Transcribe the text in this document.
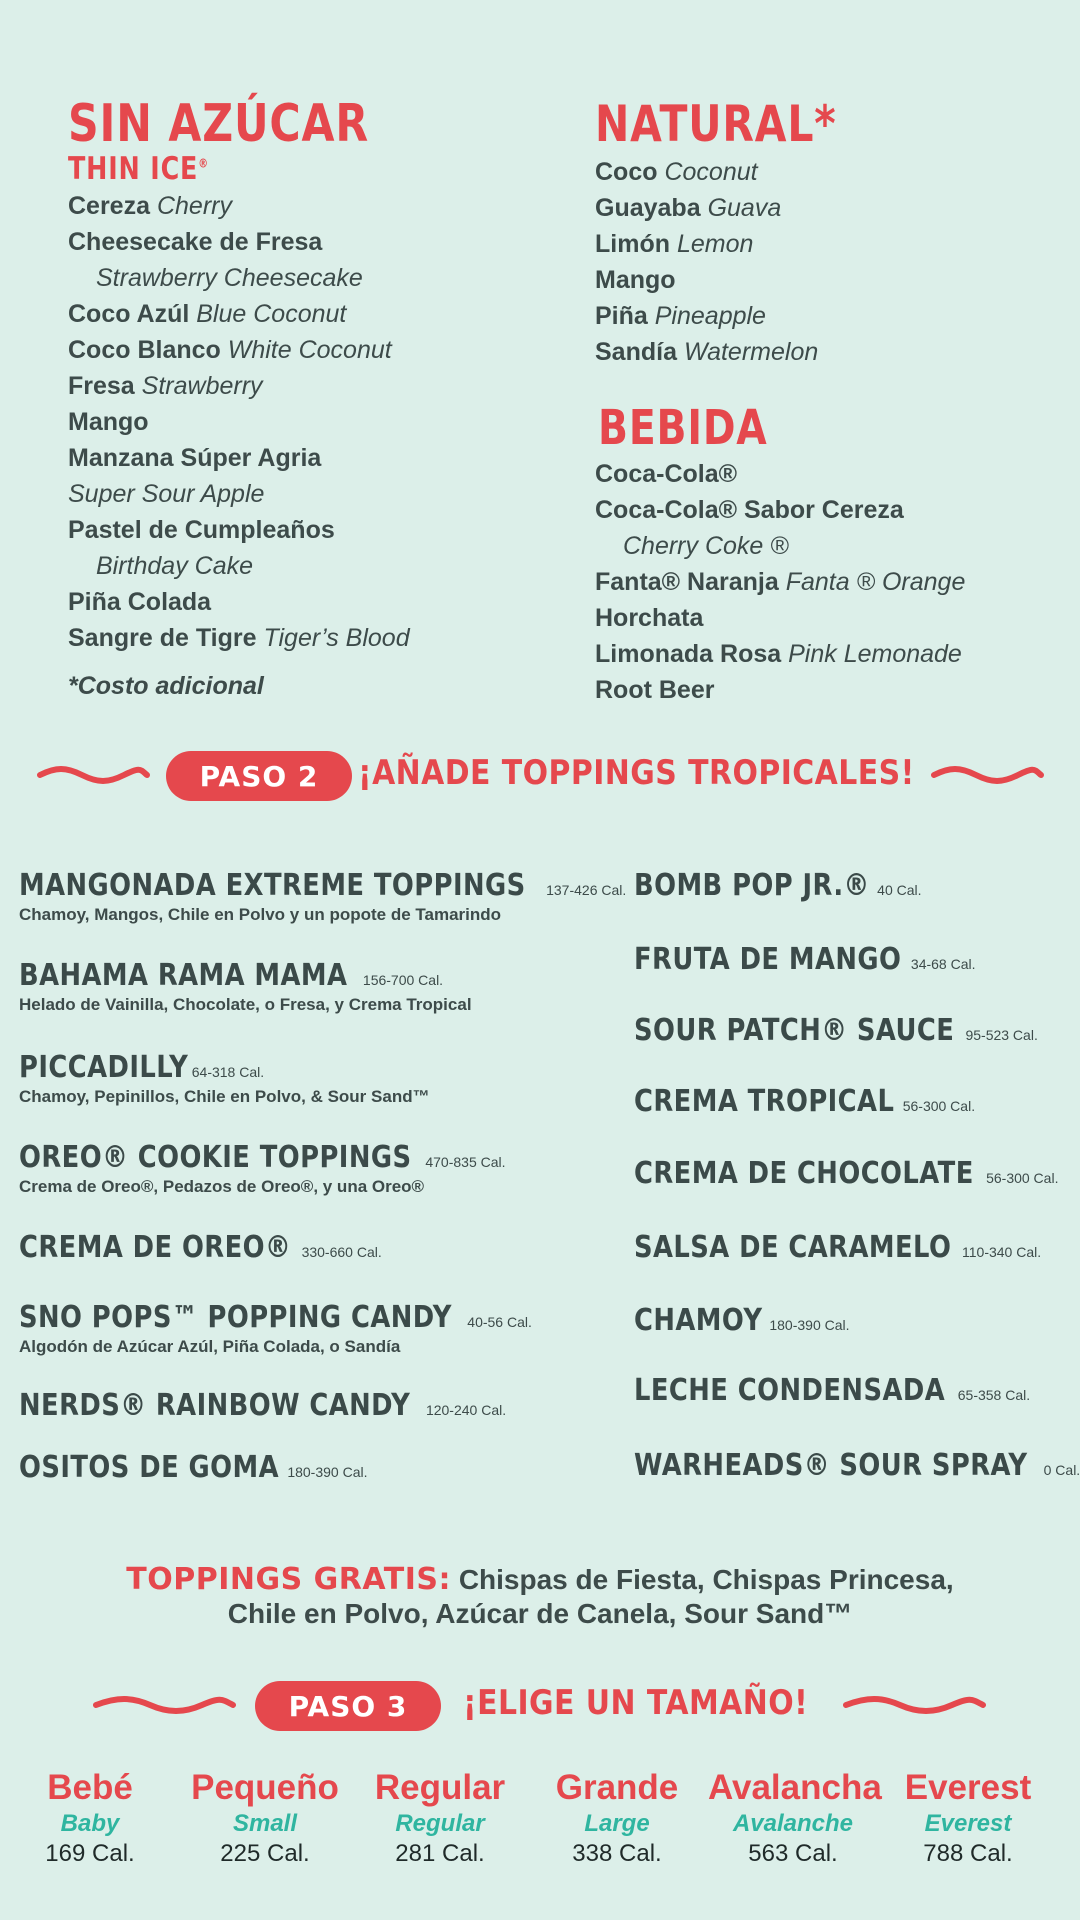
SIN AZÚCAR
THIN ICE®
Cereza Cherry
Cheesecake de Fresa
Strawberry Cheesecake
Coco Azúl Blue Coconut
Coco Blanco White Coconut
Fresa Strawberry
Mango
Manzana Súper Agria
Super Sour Apple
Pastel de Cumpleaños
Birthday Cake
Piña Colada
Sangre de Tigre Tiger’s Blood
*Costo adicional
NATURAL*
Coco Coconut
Guayaba Guava
Limón Lemon
Mango
Piña Pineapple
Sandía Watermelon
BEBIDA
Coca-Cola®
Coca-Cola® Sabor Cereza
Cherry Coke ®
Fanta® Naranja Fanta ® Orange
Horchata
Limonada Rosa Pink Lemonade
Root Beer
PASO 2	¡AÑADE TOPPINGS TROPICALES!
MANGONADA EXTREME TOPPINGS 137-426 Cal.
Chamoy, Mangos, Chile en Polvo y un popote de Tamarindo
BAHAMA RAMA MAMA 156-700 Cal.
Helado de Vainilla, Chocolate, o Fresa, y Crema Tropical
PICCADILLY 64-318 Cal.
Chamoy, Pepinillos, Chile en Polvo, & Sour Sand™
OREO® COOKIE TOPPINGS 470-835 Cal.
Crema de Oreo®, Pedazos de Oreo®, y una Oreo®
CREMA DE OREO® 330-660 Cal.
SNO POPS™ POPPING CANDY 40-56 Cal.
Algodón de Azúcar Azúl, Piña Colada, o Sandía
NERDS® RAINBOW CANDY 120-240 Cal.
OSITOS DE GOMA 180-390 Cal.
BOMB POP JR.® 40 Cal.
FRUTA DE MANGO 34-68 Cal.
SOUR PATCH® SAUCE 95-523 Cal.
CREMA TROPICAL 56-300 Cal.
CREMA DE CHOCOLATE 56-300 Cal.
SALSA DE CARAMELO 110-340 Cal.
CHAMOY 180-390 Cal.
LECHE CONDENSADA 65-358 Cal.
WARHEADS® SOUR SPRAY 0 Cal.
TOPPINGS GRATIS: Chispas de Fiesta, Chispas Princesa,
Chile en Polvo, Azúcar de Canela, Sour Sand™
PASO 3	¡ELIGE UN TAMAÑO!
Bebé
Baby
169 Cal.
Pequeño
Small
225 Cal.
Regular
Regular
281 Cal.
Grande
Large
338 Cal.
Avalancha
Avalanche
563 Cal.
Everest
Everest
788 Cal.
